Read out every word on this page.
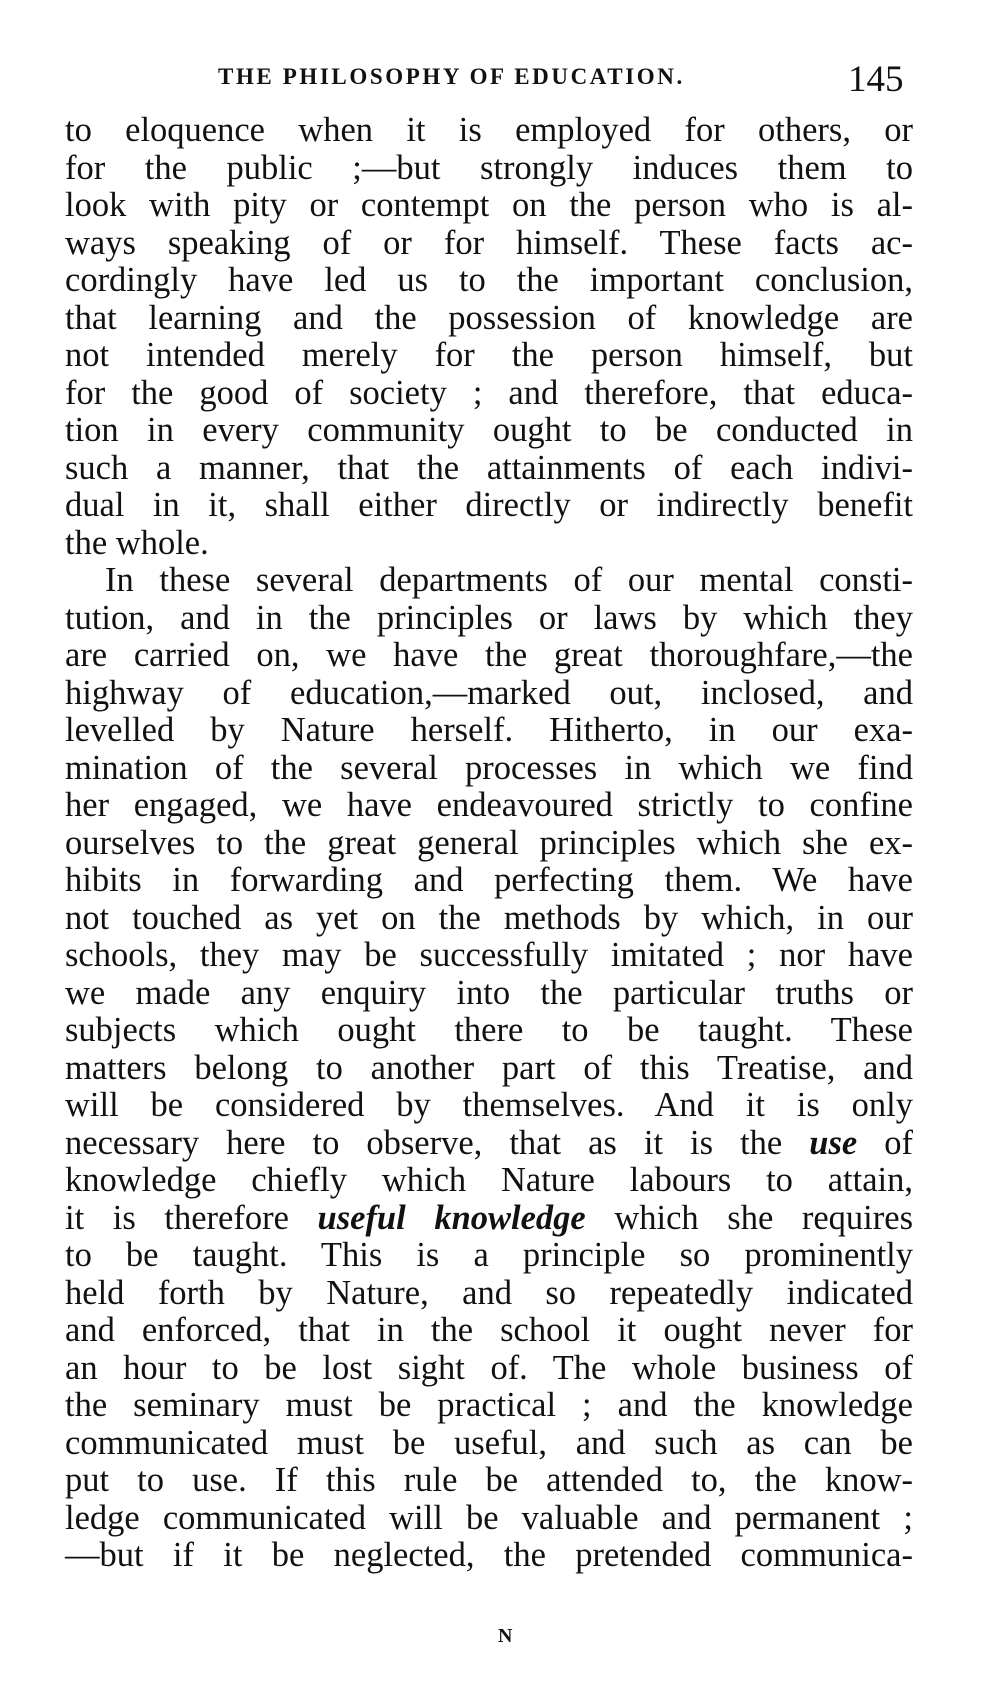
THE PHILOSOPHY OF EDUCATION.	145
to eloquence when it is employed for others, or
for the public ;—but strongly induces them to
look with pity or contempt on the person who is al-
ways speaking of or for himself. These facts ac-
cordingly have led us to the important conclusion,
that learning and the possession of knowledge are
not intended merely for the person himself, but
for the good of society ; and therefore, that educa-
tion in every community ought to be conducted in
such a manner, that the attainments of each indivi-
dual in it, shall either directly or indirectly benefit
the whole.
In these several departments of our mental consti-
tution, and in the principles or laws by which they
are carried on, we have the great thoroughfare,—the
highway of education,—marked out, inclosed, and
levelled by Nature herself. Hitherto, in our exa-
mination of the several processes in which we find
her engaged, we have endeavoured strictly to confine
ourselves to the great general principles which she ex-
hibits in forwarding and perfecting them. We have
not touched as yet on the methods by which, in our
schools, they may be successfully imitated ; nor have
we made any enquiry into the particular truths or
subjects which ought there to be taught. These
matters belong to another part of this Treatise, and
will be considered by themselves. And it is only
necessary here to observe, that as it is the use of
knowledge chiefly which Nature labours to attain,
it is therefore useful knowledge which she requires
to be taught. This is a principle so prominently
held forth by Nature, and so repeatedly indicated
and enforced, that in the school it ought never for
an hour to be lost sight of. The whole business of
the seminary must be practical ; and the knowledge
communicated must be useful, and such as can be
put to use. If this rule be attended to, the know-
ledge communicated will be valuable and permanent ;
—but if it be neglected, the pretended communica-
N
